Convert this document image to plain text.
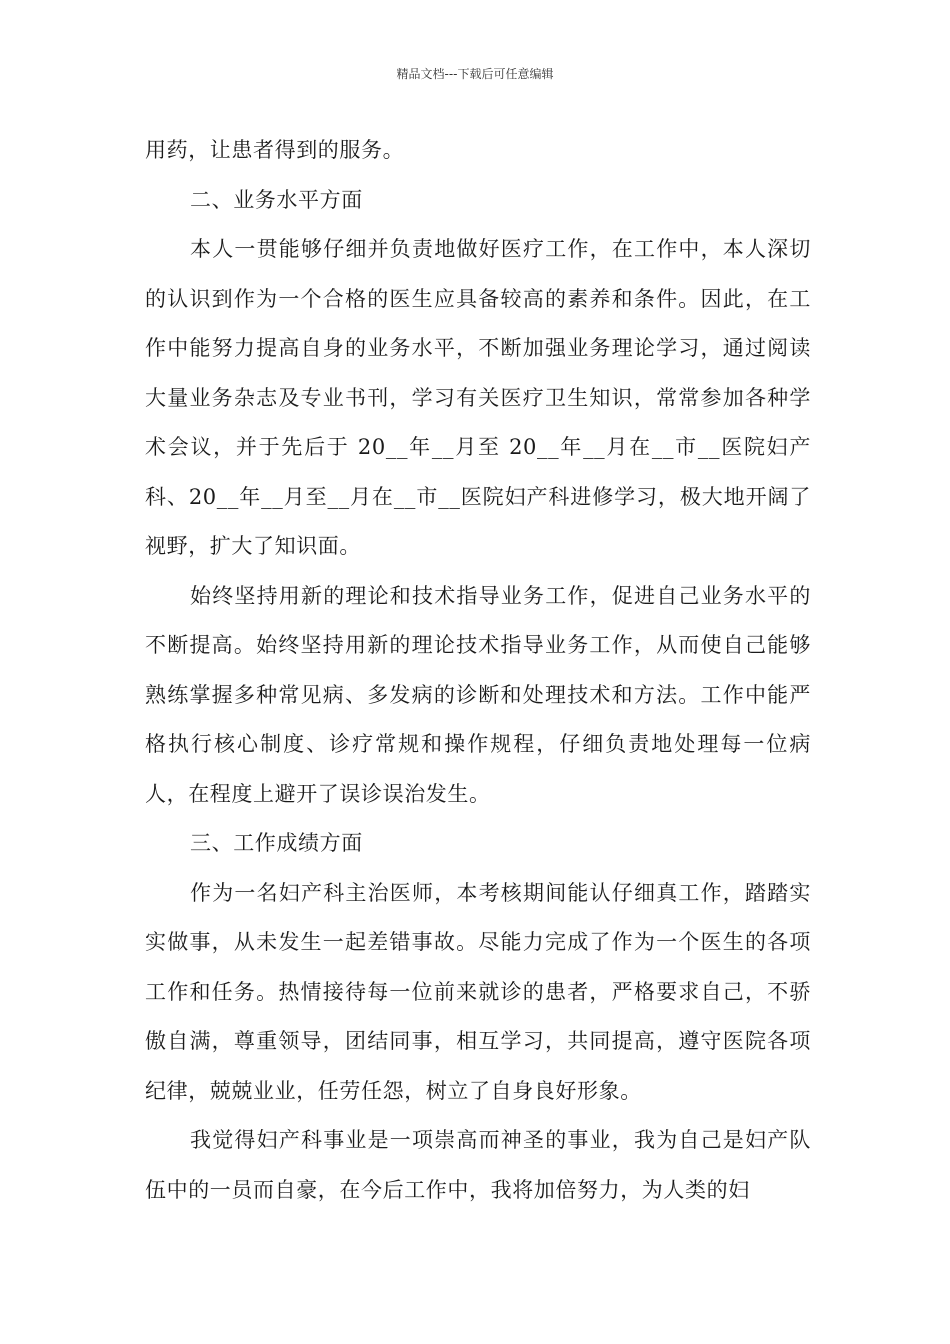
精品文档---下载后可任意编辑

用药，让患者得到的服务。

二、业务水平方面

本人一贯能够仔细并负责地做好医疗工作，在工作中，本人深切的认识到作为一个合格的医生应具备较高的素养和条件。因此，在工作中能努力提高自身的业务水平，不断加强业务理论学习，通过阅读大量业务杂志及专业书刊，学习有关医疗卫生知识，常常参加各种学术会议，并于先后于 20__年__月至 20__年__月在__市__医院妇产科、20__年__月至__月在__市__医院妇产科进修学习，极大地开阔了视野，扩大了知识面。

始终坚持用新的理论和技术指导业务工作，促进自己业务水平的不断提高。始终坚持用新的理论技术指导业务工作，从而使自己能够熟练掌握多种常见病、多发病的诊断和处理技术和方法。工作中能严格执行核心制度、诊疗常规和操作规程，仔细负责地处理每一位病人，在程度上避开了误诊误治发生。

三、工作成绩方面

作为一名妇产科主治医师，本考核期间能认仔细真工作，踏踏实实做事，从未发生一起差错事故。尽能力完成了作为一个医生的各项工作和任务。热情接待每一位前来就诊的患者，严格要求自己，不骄傲自满，尊重领导，团结同事，相互学习，共同提高，遵守医院各项纪律，兢兢业业，任劳任怨，树立了自身良好形象。

我觉得妇产科事业是一项崇高而神圣的事业，我为自己是妇产队伍中的一员而自豪，在今后工作中，我将加倍努力，为人类的妇
